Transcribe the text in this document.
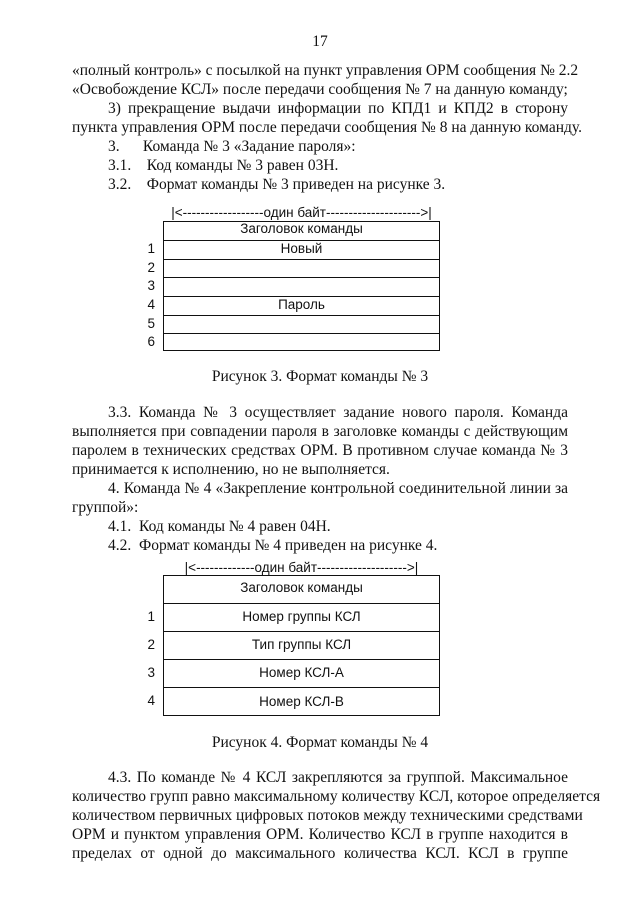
17
«полный контроль» с посылкой на пункт управления ОРМ сообщения № 2.2
«Освобождение КСЛ» после передачи сообщения № 7 на данную команду;
3) прекращение выдачи информации по КПД1 и КПД2 в сторону
пункта управления ОРМ после передачи сообщения № 8 на данную команду.
3.      Команда № 3 «Задание пароля»:
3.1.    Код команды № 3 равен 03Н.
3.2.    Формат команды № 3 приведен на рисунке 3.
|<------------------один байт--------------------->|
Заголовок команды
Новый
Пароль
1
2
3
4
5
6
Рисунок 3. Формат команды № 3
3.3. Команда № 3 осуществляет задание нового пароля. Команда
выполняется при совпадении пароля в заголовке команды с действующим
паролем в технических средствах ОРМ. В противном случае команда № 3
принимается к исполнению, но не выполняется.
4. Команда № 4 «Закрепление контрольной соединительной линии за
группой»:
4.1.  Код команды № 4 равен 04Н.
4.2.  Формат команды № 4 приведен на рисунке 4.
|<-------------один байт-------------------->|
Заголовок команды
Номер группы КСЛ
Тип группы КСЛ
Номер КСЛ-А
Номер КСЛ-В
1
2
3
4
Рисунок 4. Формат команды № 4
4.3. По команде № 4 КСЛ закрепляются за группой. Максимальное
количество групп равно максимальному количеству КСЛ, которое определяется
количеством первичных цифровых потоков между техническими средствами
ОРМ и пунктом управления ОРМ. Количество КСЛ в группе находится в
пределах от одной до максимального количества КСЛ. КСЛ в группе
